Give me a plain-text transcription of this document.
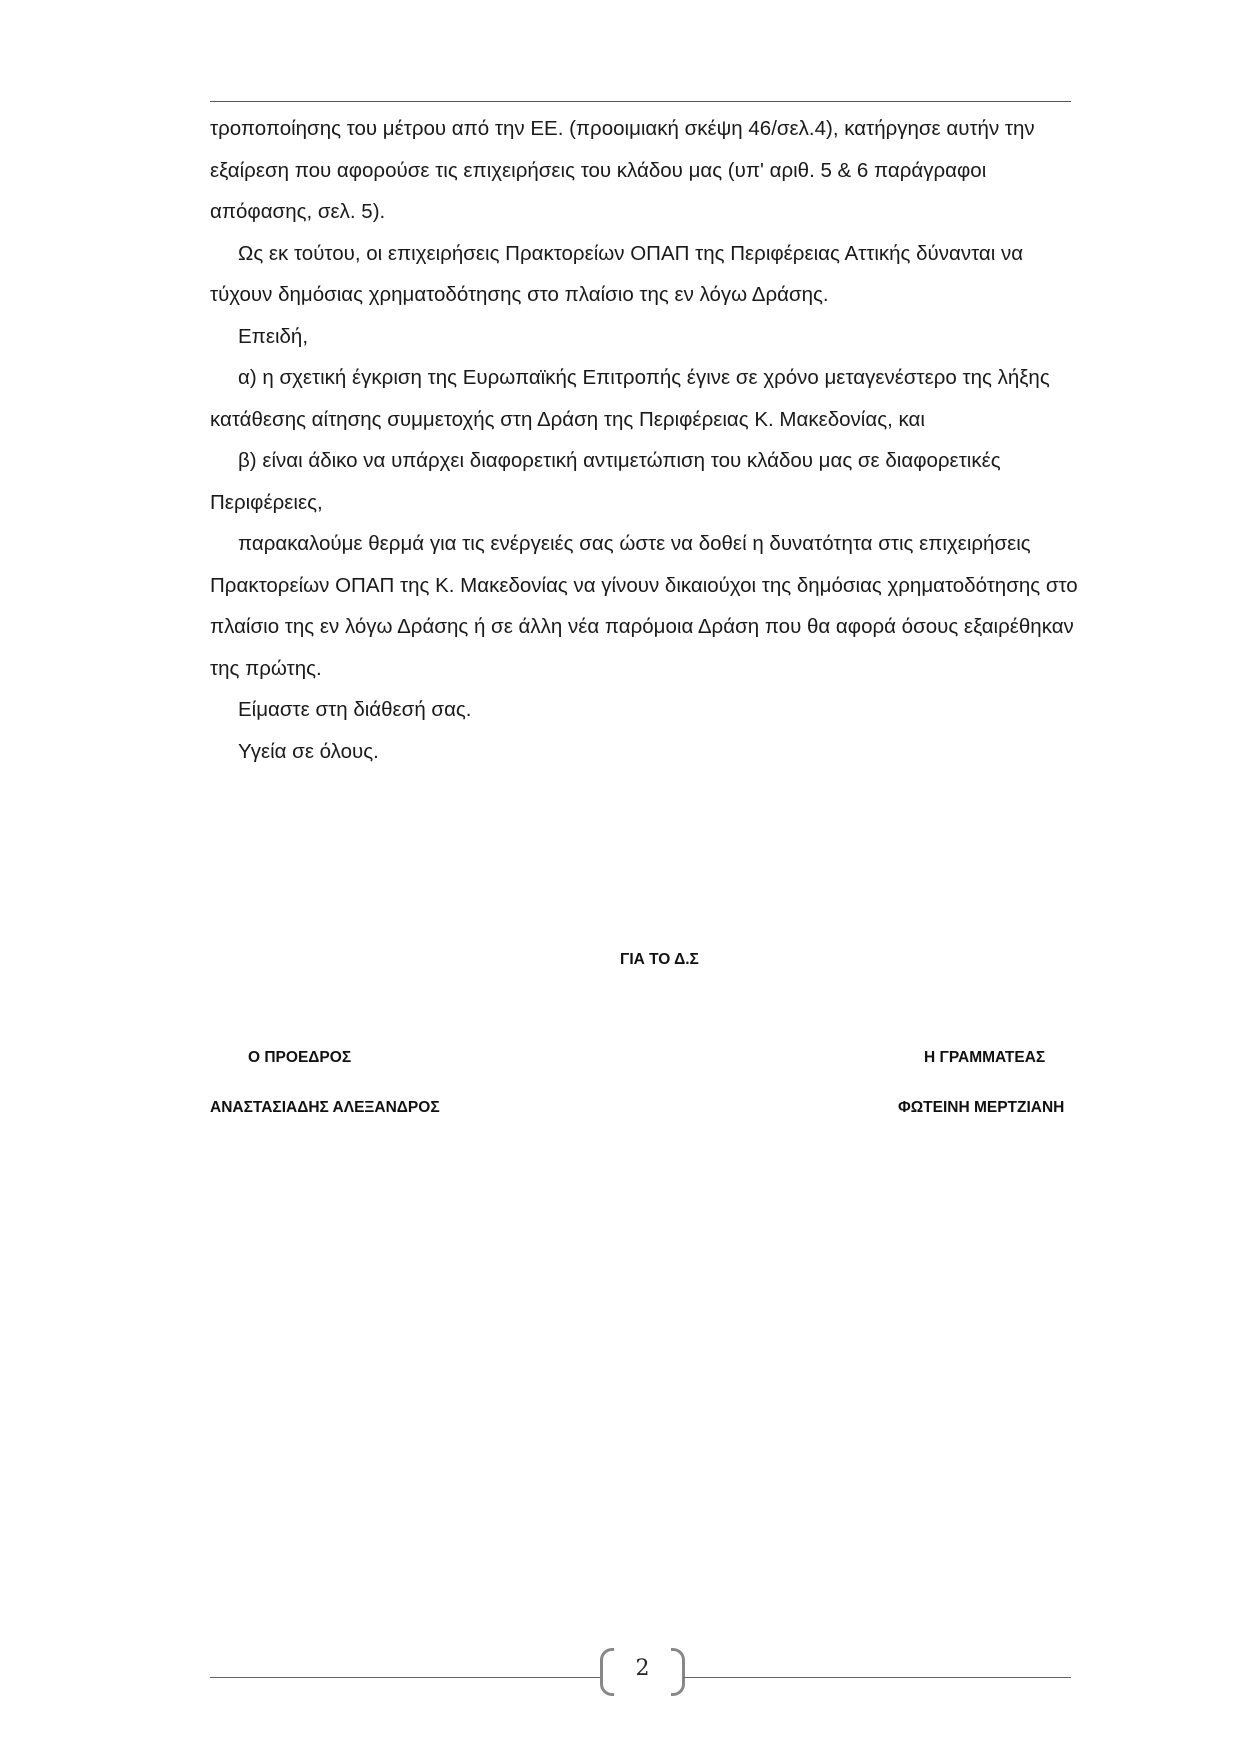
τροποποίησης του μέτρου από την ΕΕ. (προοιμιακή σκέψη 46/σελ.4), κατήργησε αυτήν την εξαίρεση που αφορούσε τις επιχειρήσεις του κλάδου μας (υπ' αριθ. 5 & 6 παράγραφοι απόφασης, σελ. 5).

Ως εκ τούτου, οι επιχειρήσεις Πρακτορείων ΟΠΑΠ της Περιφέρειας Αττικής δύνανται να τύχουν δημόσιας χρηματοδότησης στο πλαίσιο της εν λόγω Δράσης.

Επειδή,

α) η σχετική έγκριση της Ευρωπαϊκής Επιτροπής έγινε σε χρόνο μεταγενέστερο της λήξης κατάθεσης αίτησης συμμετοχής στη Δράση της Περιφέρειας Κ. Μακεδονίας, και

β) είναι άδικο να υπάρχει διαφορετική αντιμετώπιση του κλάδου μας σε διαφορετικές Περιφέρειες,

παρακαλούμε θερμά για τις ενέργειές σας ώστε να δοθεί η δυνατότητα στις επιχειρήσεις Πρακτορείων ΟΠΑΠ της Κ. Μακεδονίας να γίνουν δικαιούχοι της δημόσιας χρηματοδότησης στο πλαίσιο της εν λόγω Δράσης ή σε άλλη νέα παρόμοια Δράση που θα αφορά όσους εξαιρέθηκαν της πρώτης.

Είμαστε στη διάθεσή σας.

Υγεία σε όλους.

ΓΙΑ ΤΟ Δ.Σ
Ο ΠΡΟΕΔΡΟΣ	Η ΓΡΑΜΜΑΤΕΑΣ
ΑΝΑΣΤΑΣΙΑΔΗΣ ΑΛΕΞΑΝΔΡΟΣ	ΦΩΤΕΙΝΗ ΜΕΡΤΖΙΑΝΗ
2
